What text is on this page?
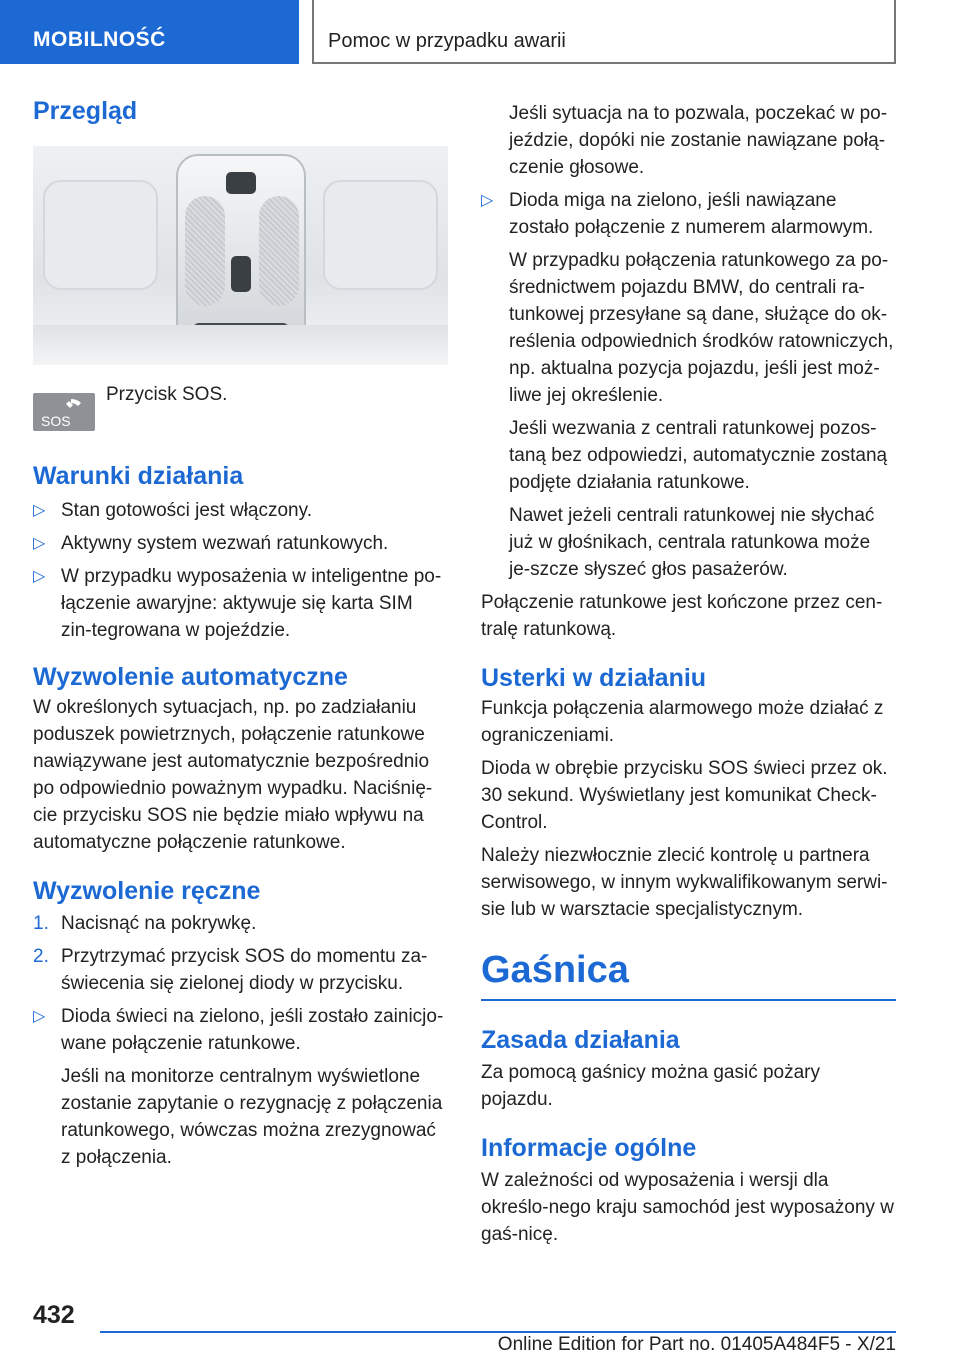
MOBILNOŚĆ	Pomoc w przypadku awarii
Przegląd
SOS
Przycisk SOS.
Warunki działania
▷ Stan gotowości jest włączony.
▷ Aktywny system wezwań ratunkowych.
▷ W przypadku wyposażenia w inteligentne po-łączenie awaryjne: aktywuje się karta SIM zin-tegrowana w pojeździe.
Wyzwolenie automatyczne

W określonych sytuacjach, np. po zadziałaniu poduszek powietrznych, połączenie ratunkowe nawiązywane jest automatycznie bezpośrednio po odpowiednio poważnym wypadku. Naciśnię-cie przycisku SOS nie będzie miało wpływu na automatyczne połączenie ratunkowe.

Wyzwolenie ręczne
1. Nacisnąć na pokrywkę.
2. Przytrzymać przycisk SOS do momentu za-świecenia się zielonej diody w przycisku.
▷ Dioda świeci na zielono, jeśli zostało zainicjo-wane połączenie ratunkowe.

Jeśli na monitorze centralnym wyświetlone zostanie zapytanie o rezygnację z połączenia ratunkowego, wówczas można zrezygnować z połączenia.

Jeśli sytuacja na to pozwala, poczekać w po-jeździe, dopóki nie zostanie nawiązane połą-czenie głosowe.

▷ Dioda miga na zielono, jeśli nawiązane zostało połączenie z numerem alarmowym.

W przypadku połączenia ratunkowego za po-średnictwem pojazdu BMW, do centrali ra-tunkowej przesyłane są dane, służące do ok-reślenia odpowiednich środków ratowniczych, np. aktualna pozycja pojazdu, jeśli jest moż-liwe jej określenie.

Jeśli wezwania z centrali ratunkowej pozos-taną bez odpowiedzi, automatycznie zostaną podjęte działania ratunkowe.

Nawet jeżeli centrali ratunkowej nie słychać już w głośnikach, centrala ratunkowa może je-szcze słyszeć głos pasażerów.

Połączenie ratunkowe jest kończone przez cen-tralę ratunkową.

Usterki w działaniu

Funkcja połączenia alarmowego może działać z ograniczeniami.

Dioda w obrębie przycisku SOS świeci przez ok. 30 sekund. Wyświetlany jest komunikat Check-Control.

Należy niezwłocznie zlecić kontrolę u partnera serwisowego, w innym wykwalifikowanym serwi-sie lub w warsztacie specjalistycznym.

Gaśnica
Zasada działania

Za pomocą gaśnicy można gasić pożary pojazdu.

Informacje ogólne

W zależności od wyposażenia i wersji dla określo-nego kraju samochód jest wyposażony w gaś-nicę.

432
Online Edition for Part no. 01405A484F5 - X/21
